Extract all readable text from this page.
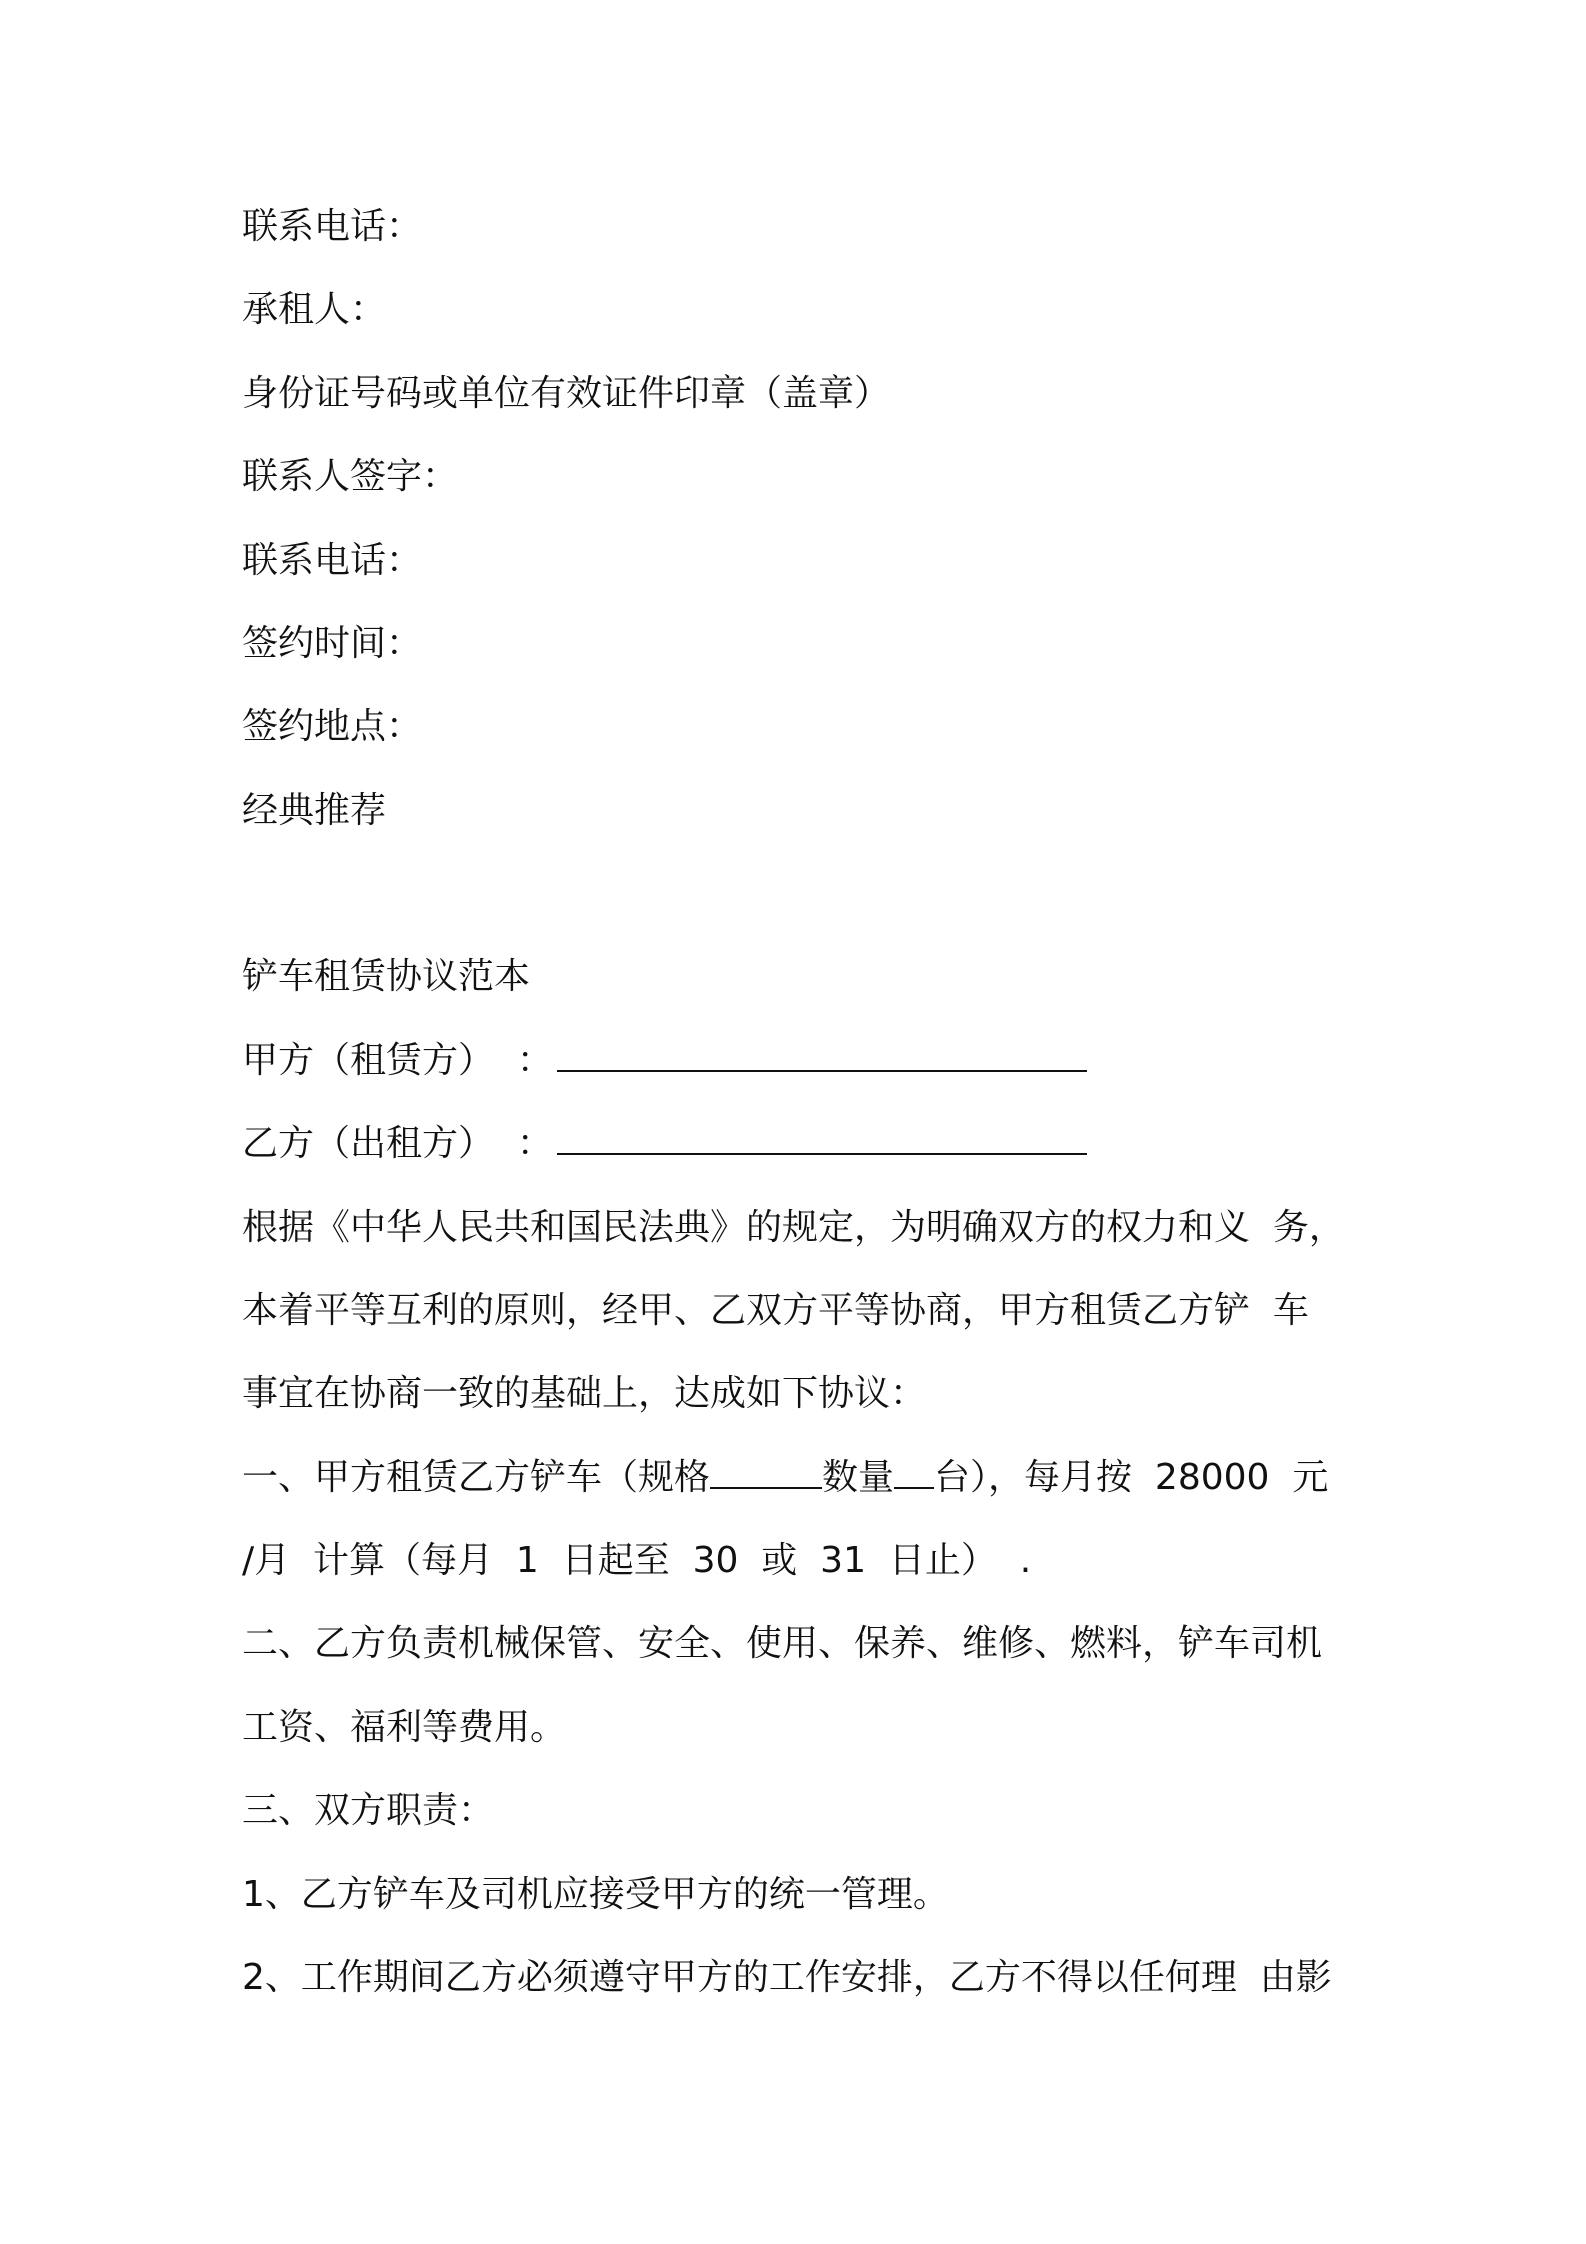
联系电话：

承租人：

身份证号码或单位有效证件印章（盖章）

联系人签字：

联系电话：

签约时间：

签约地点：

经典推荐

铲车租赁协议范本

甲方（租赁方）  ：

乙方（出租方）  ：

根据《中华人民共和国民法典》的规定，为明确双方的权力和义  务，

本着平等互利的原则，经甲、乙双方平等协商，甲方租赁乙方铲  车

事宜在协商一致的基础上，达成如下协议：

一、甲方租赁乙方铲车（规格	数量 台），每月按  28000  元

/月  计算（每月  1  日起至  30  或  31  日止）  .

二、乙方负责机械保管、安全、使用、保养、维修、燃料，铲车司机

工资、福利等费用。

三、双方职责：

1、乙方铲车及司机应接受甲方的统一管理。

2、工作期间乙方必须遵守甲方的工作安排，乙方不得以任何理  由影
